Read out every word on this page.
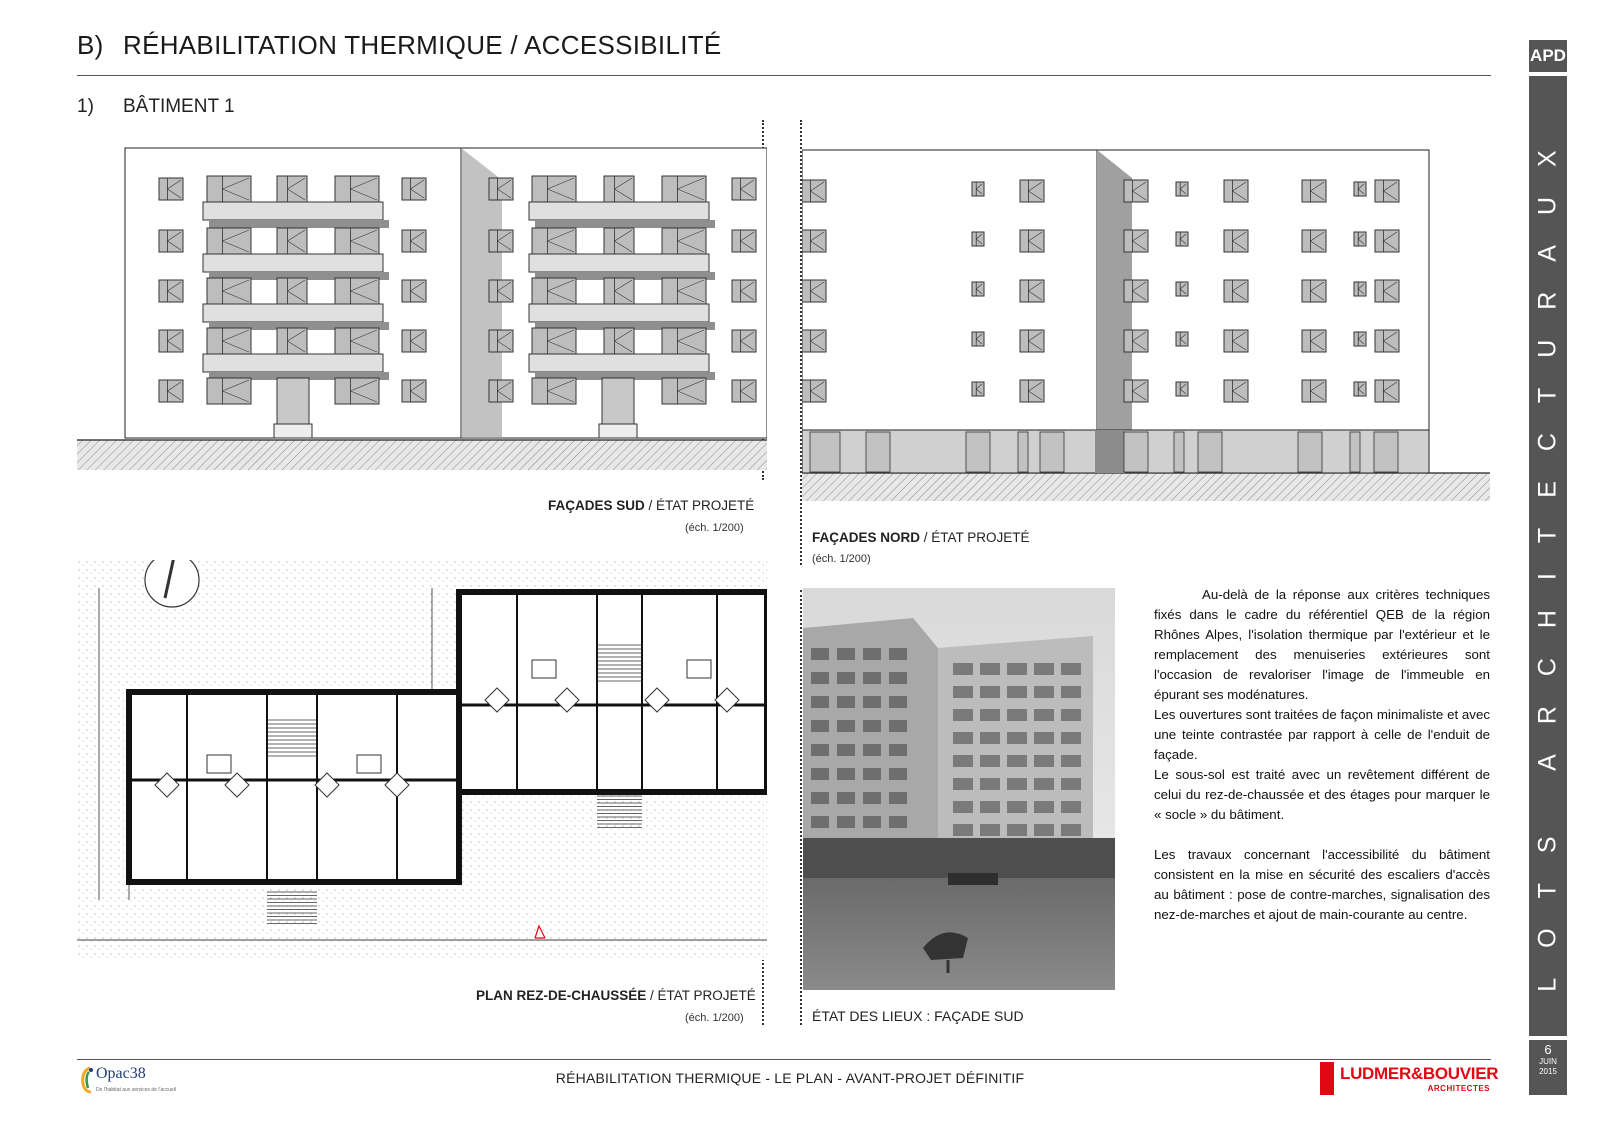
B) RÉHABILITATION THERMIQUE / ACCESSIBILITÉ
1) BÂTIMENT 1
FAÇADES SUD / ÉTAT PROJETÉ
(éch. 1/200)
FAÇADES NORD / ÉTAT PROJETÉ
(éch. 1/200)
PLAN REZ-DE-CHAUSSÉE / ÉTAT PROJETÉ
(éch. 1/200)	ÉTAT DES LIEUX : FAÇADE SUD

Au-delà de la réponse aux critères techniques fixés dans le cadre du référentiel QEB de la région Rhônes Alpes, l'isolation thermique par l'extérieur et le remplacement des menuiseries extérieures sont l'occasion de revaloriser l'image de l'immeuble en épurant ses modénatures.

Les ouvertures sont traitées de façon minimaliste et avec une teinte contrastée par rapport à celle de l'enduit de façade.

Le sous-sol est traité avec un revêtement différent de celui du rez-de-chaussée et des étages pour marquer le « socle » du bâtiment.

Les travaux concernant l'accessibilité du bâtiment consistent en la mise en sécurité des escaliers d'accès au bâtiment : pose de contre-marches, signalisation des nez-de-marches et ajout de main-courante au centre.

Opac38
De l'habitat aux services de l'accueil
RÉHABILITATION THERMIQUE - LE PLAN - AVANT-PROJET DÉFINITIF	LUDMER&BOUVIER
ARCHITECTES
APD
LOTS ARCHITECTURAUX
6
JUIN
2015
